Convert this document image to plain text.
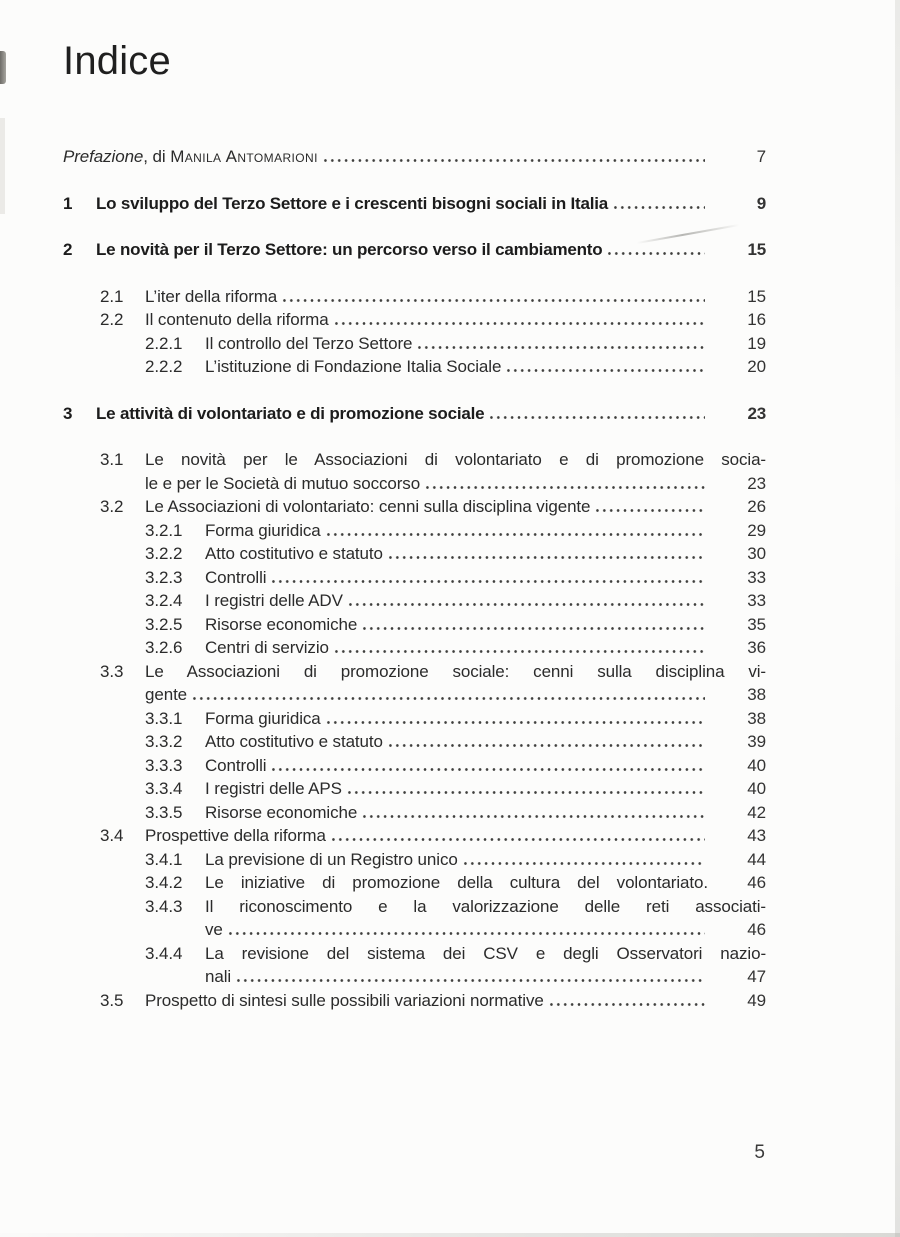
Indice
Prefazione, di Manila Antomarioni	7
1	Lo sviluppo del Terzo Settore e i crescenti bisogni sociali in Italia	9
2	Le novità per il Terzo Settore: un percorso verso il cambiamento	15
2.1	L’iter della riforma	15
2.2	Il contenuto della riforma	16
2.2.1	Il controllo del Terzo Settore	19
2.2.2	L’istituzione di Fondazione Italia Sociale	20
3	Le attività di volontariato e di promozione sociale	23
3.1	Le novità per le Associazioni di volontariato e di promozione socia-
le e per le Società di mutuo soccorso	23
3.2	Le Associazioni di volontariato: cenni sulla disciplina vigente	26
3.2.1	Forma giuridica	29
3.2.2	Atto costitutivo e statuto	30
3.2.3	Controlli	33
3.2.4	I registri delle ADV	33
3.2.5	Risorse economiche	35
3.2.6	Centri di servizio	36
3.3	Le Associazioni di promozione sociale: cenni sulla disciplina vi-
gente	38
3.3.1	Forma giuridica	38
3.3.2	Atto costitutivo e statuto	39
3.3.3	Controlli	40
3.3.4	I registri delle APS	40
3.3.5	Risorse economiche	42
3.4	Prospettive della riforma	43
3.4.1	La previsione di un Registro unico	44
3.4.2	Le iniziative di promozione della cultura del volontariato.	46
3.4.3	Il riconoscimento e la valorizzazione delle reti associati-
ve	46
3.4.4	La revisione del sistema dei CSV e degli Osservatori nazio-
nali	47
3.5	Prospetto di sintesi sulle possibili variazioni normative	49
5
